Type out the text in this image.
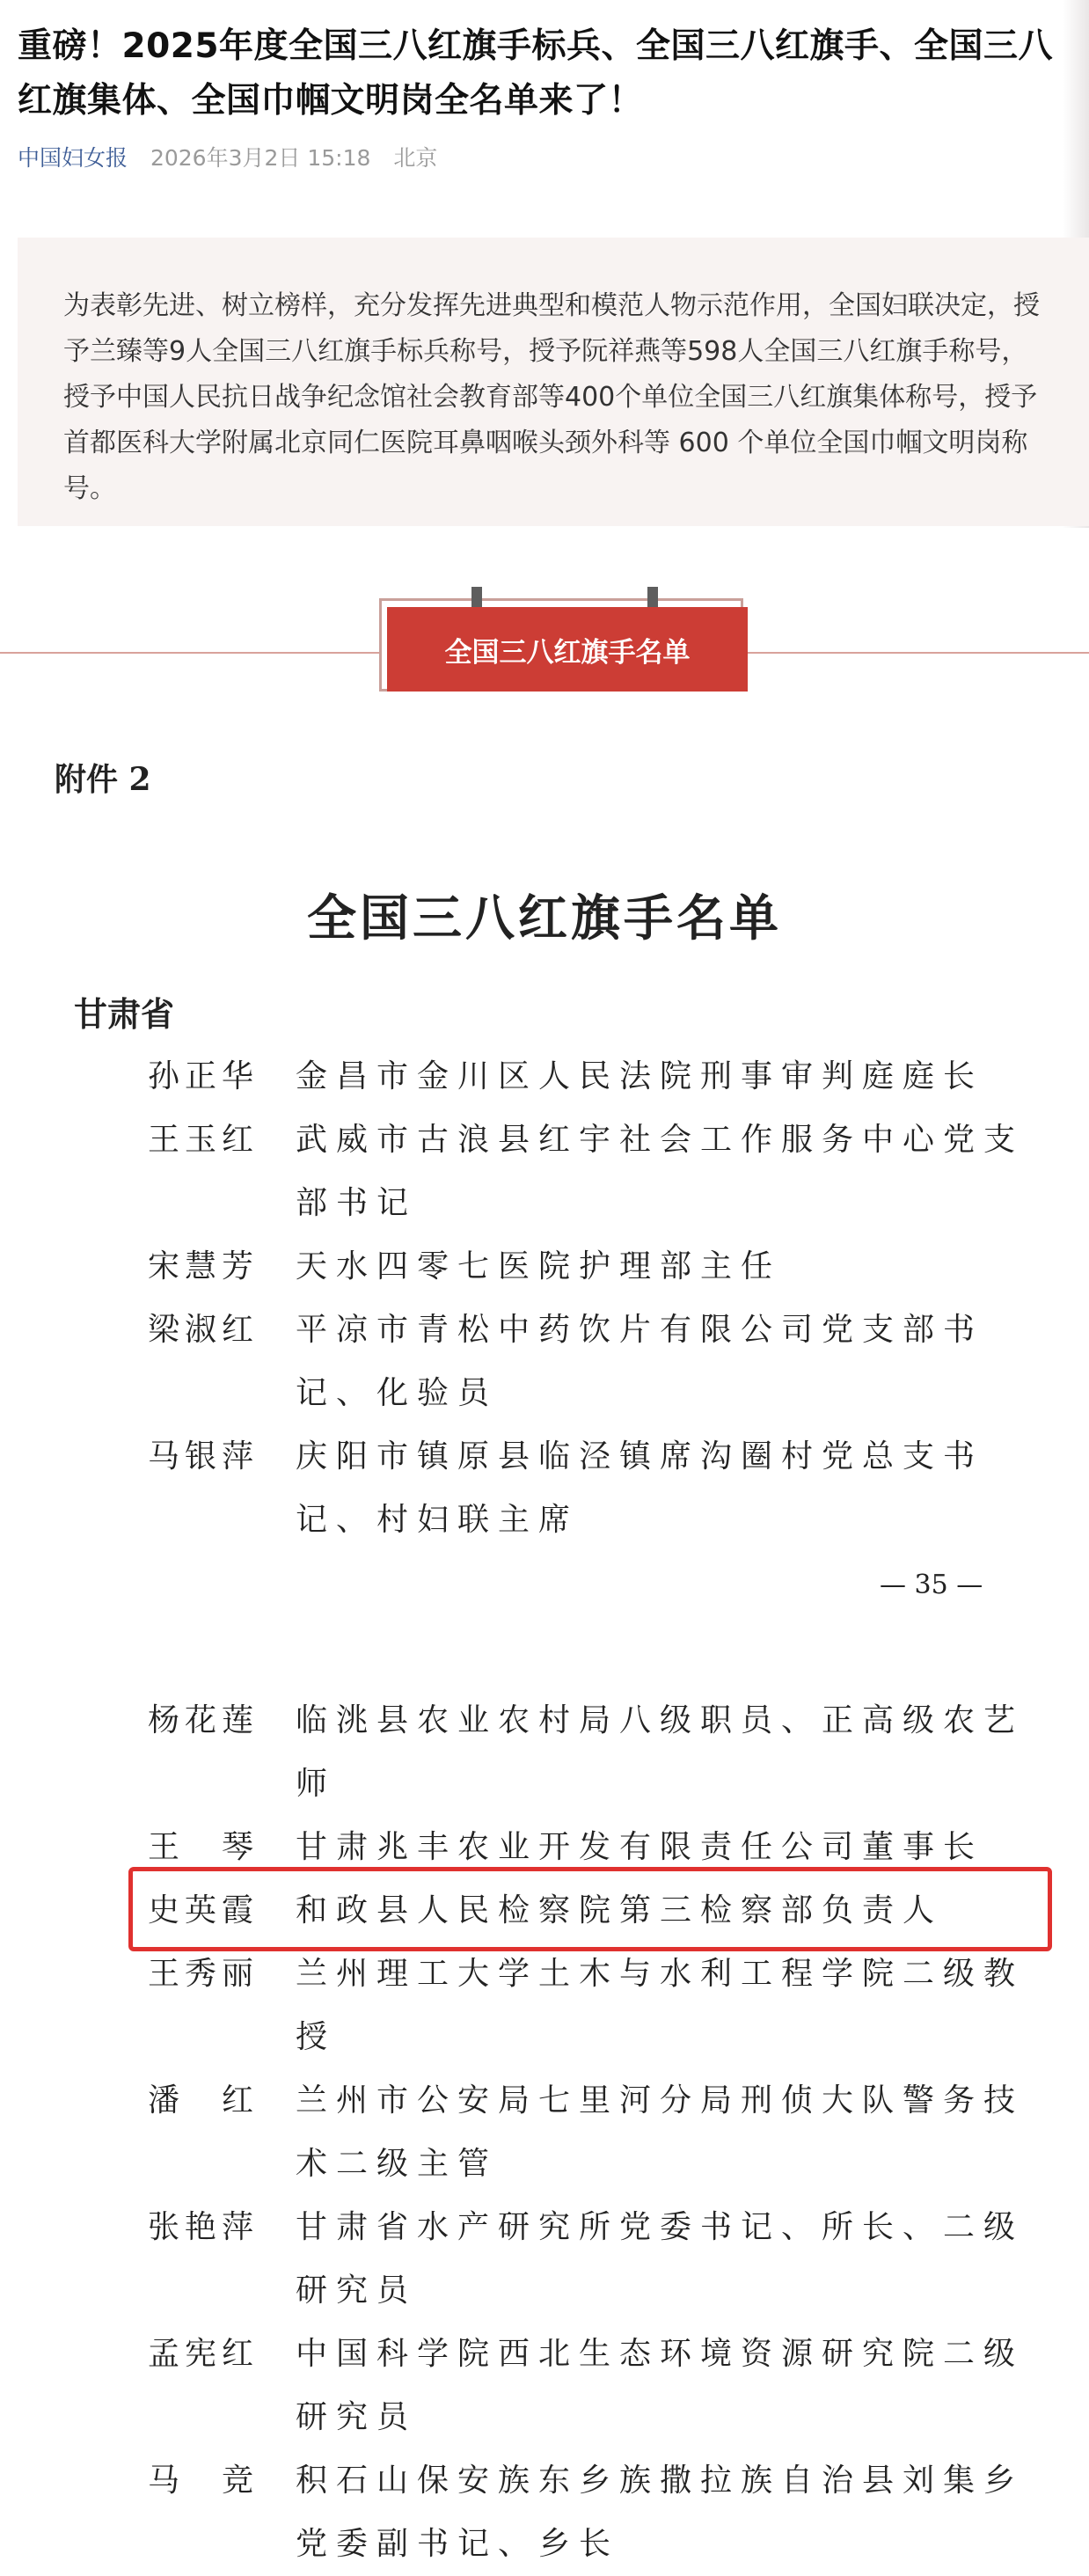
重磅！2025年度全国三八红旗手标兵、全国三八红旗手、全国三八红旗集体、全国巾帼文明岗全名单来了！
中国妇女报 2026年3月2日 15:18 北京
为表彰先进、树立榜样，充分发挥先进典型和模范人物示范作用，全国妇联决定，授予兰臻等9人全国三八红旗手标兵称号，授予阮祥燕等598人全国三八红旗手称号，授予中国人民抗日战争纪念馆社会教育部等400个单位全国三八红旗集体称号，授予首都医科大学附属北京同仁医院耳鼻咽喉头颈外科等 600 个单位全国巾帼文明岗称号。
全国三八红旗手名单
附件 2
全国三八红旗手名单
甘肃省
孙正华	金昌市金川区人民法院刑事审判庭庭长
王玉红	武威市古浪县红宇社会工作服务中心党支部书记
宋慧芳	天水四零七医院护理部主任
梁淑红	平凉市青松中药饮片有限公司党支部书记、化验员
马银萍	庆阳市镇原县临泾镇席沟圈村党总支书记、村妇联主席
— 35 —
杨花莲	临洮县农业农村局八级职员、正高级农艺师
王　琴	甘肃兆丰农业开发有限责任公司董事长
史英霞	和政县人民检察院第三检察部负责人
王秀丽	兰州理工大学土木与水利工程学院二级教授
潘　红	兰州市公安局七里河分局刑侦大队警务技术二级主管
张艳萍	甘肃省水产研究所党委书记、所长、二级研究员
孟宪红	中国科学院西北生态环境资源研究院二级研究员
马　竞	积石山保安族东乡族撒拉族自治县刘集乡党委副书记、乡长
